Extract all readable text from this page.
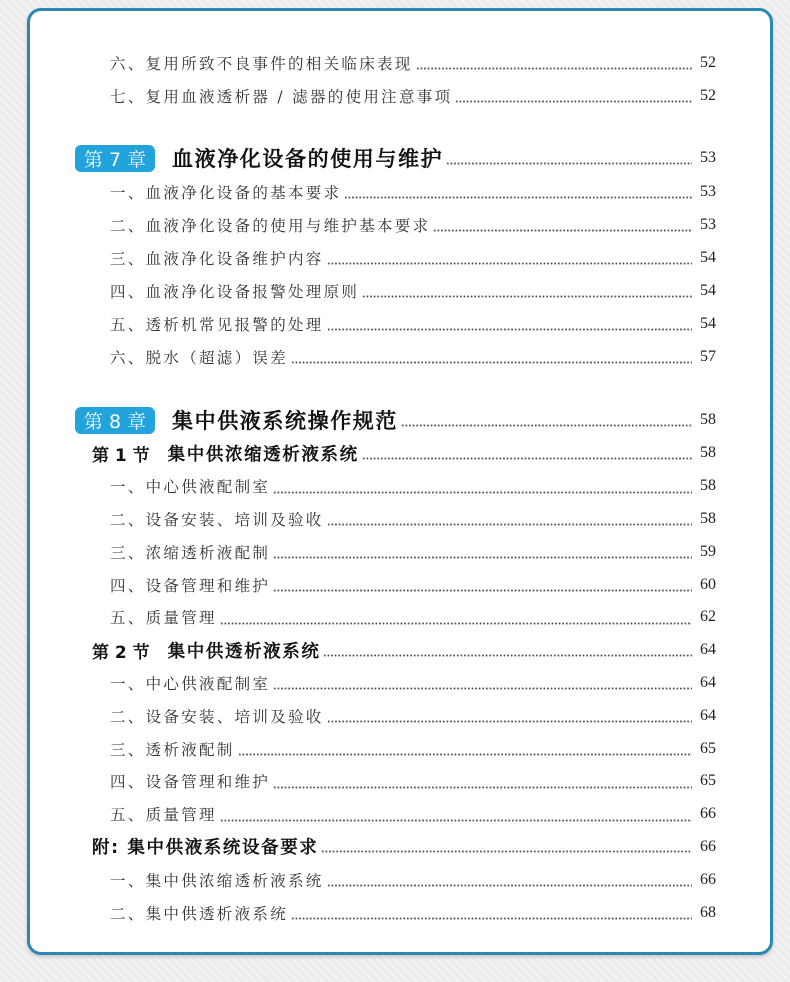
六、复用所致不良事件的相关临床表现	52
七、复用血液透析器 / 滤器的使用注意事项	52
第 7 章	血液净化设备的使用与维护	53
一、血液净化设备的基本要求	53
二、血液净化设备的使用与维护基本要求	53
三、血液净化设备维护内容	54
四、血液净化设备报警处理原则	54
五、透析机常见报警的处理	54
六、脱水（超滤）误差	57
第 8 章	集中供液系统操作规范	58
第 1 节 集中供浓缩透析液系统	58
一、中心供液配制室	58
二、设备安装、培训及验收	58
三、浓缩透析液配制	59
四、设备管理和维护	60
五、质量管理	62
第 2 节 集中供透析液系统	64
一、中心供液配制室	64
二、设备安装、培训及验收	64
三、透析液配制	65
四、设备管理和维护	65
五、质量管理	66
附: 集中供液系统设备要求	66
一、集中供浓缩透析液系统	66
二、集中供透析液系统	68
